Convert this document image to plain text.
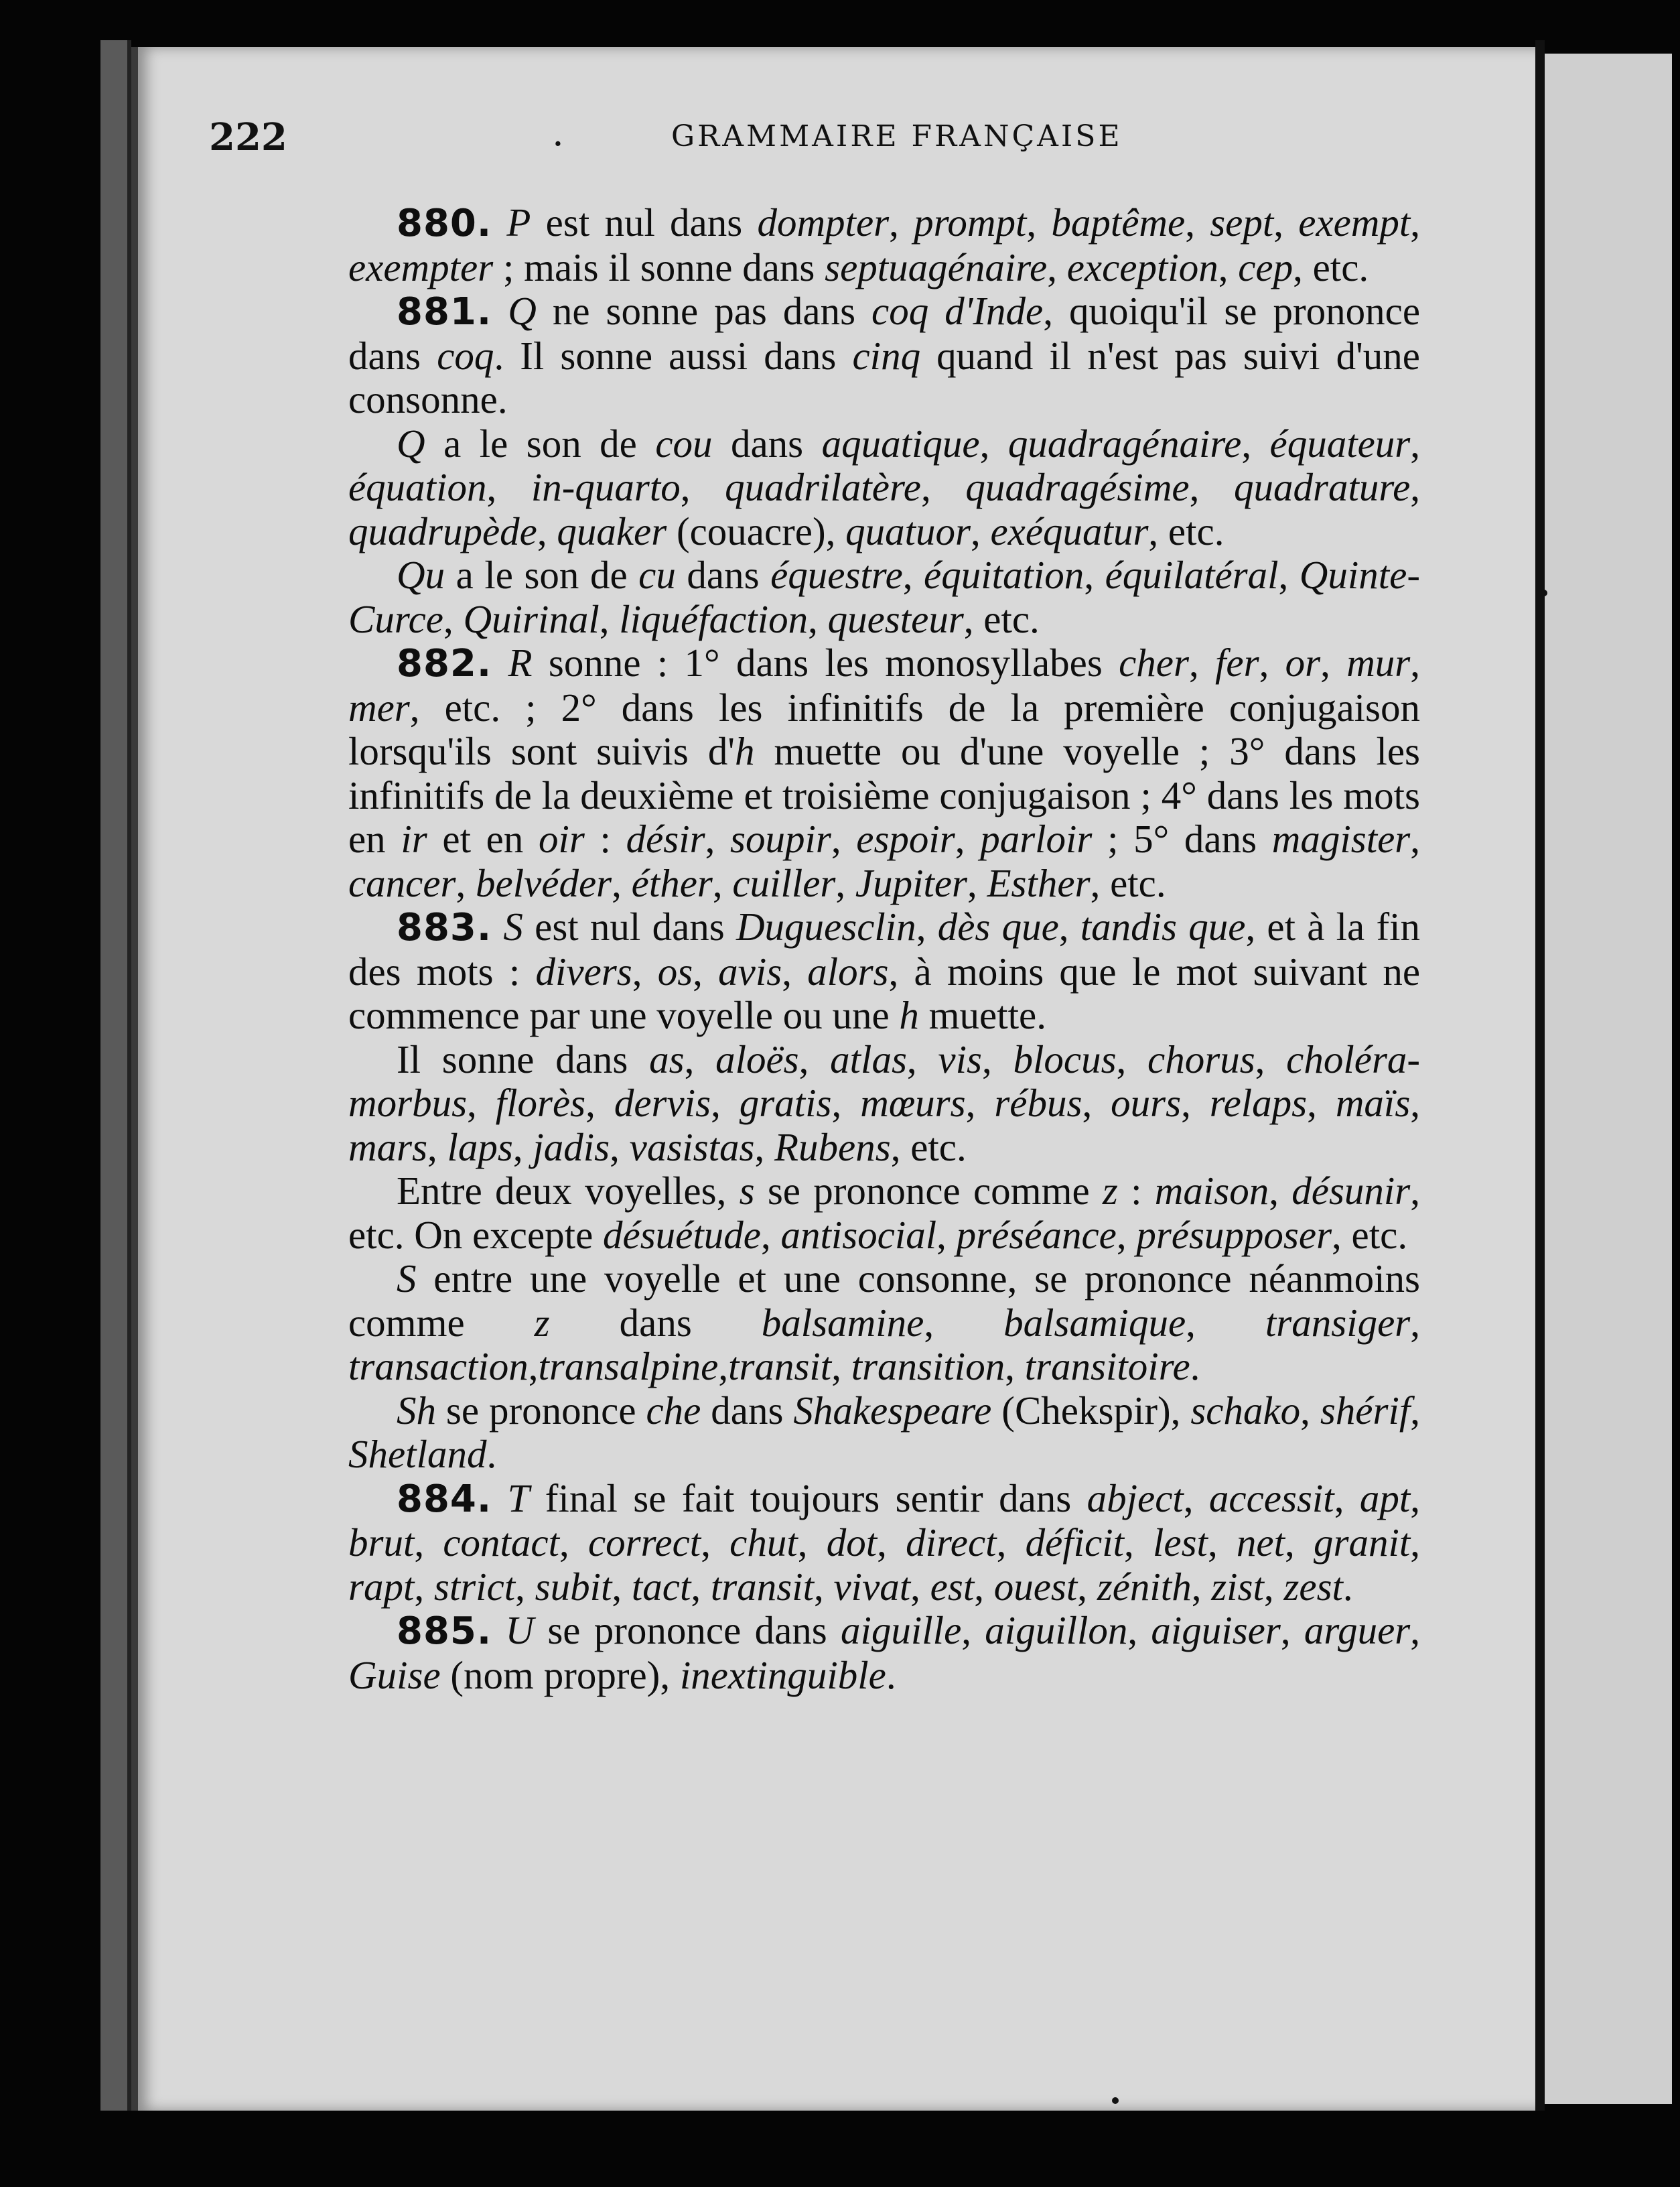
222	.	GRAMMAIRE FRANÇAISE

880. P est nul dans dompter, prompt, baptême, sept, exempt, exempter ; mais il sonne dans septuagénaire, exception, cep, etc.

881. Q ne sonne pas dans coq d'Inde, quoiqu'il se prononce dans coq. Il sonne aussi dans cinq quand il n'est pas suivi d'une consonne.

Q a le son de cou dans aquatique, quadragénaire, équateur, équation, in-quarto, quadrilatère, quadragésime, quadrature, quadrupède, quaker (couacre), quatuor, exéquatur, etc.

Qu a le son de cu dans équestre, équitation, équilatéral, Quinte-Curce, Quirinal, liquéfaction, questeur, etc.

882. R sonne : 1° dans les monosyllabes cher, fer, or, mur, mer, etc. ; 2° dans les infinitifs de la première conjugaison lorsqu'ils sont suivis d'h muette ou d'une voyelle ; 3° dans les infinitifs de la deuxième et troisième conjugaison ; 4° dans les mots en ir et en oir : désir, soupir, espoir, parloir ; 5° dans magister, cancer, belvéder, éther, cuiller, Jupiter, Esther, etc.

883. S est nul dans Duguesclin, dès que, tandis que, et à la fin des mots : divers, os, avis, alors, à moins que le mot suivant ne commence par une voyelle ou une h muette.

Il sonne dans as, aloës, atlas, vis, blocus, chorus, choléra-morbus, florès, dervis, gratis, mœurs, rébus, ours, relaps, maïs, mars, laps, jadis, vasistas, Rubens, etc.

Entre deux voyelles, s se prononce comme z : maison, désunir, etc. On excepte désuétude, antisocial, préséance, présupposer, etc.

S entre une voyelle et une consonne, se prononce néanmoins comme z dans balsamine, balsamique, transiger, transaction,transalpine,transit, transition, transitoire.

Sh se prononce che dans Shakespeare (Chekspir), schako, shérif, Shetland.

884. T final se fait toujours sentir dans abject, accessit, apt, brut, contact, correct, chut, dot, direct, déficit, lest, net, granit, rapt, strict, subit, tact, transit, vivat, est, ouest, zénith, zist, zest.

885. U se prononce dans aiguille, aiguillon, aiguiser, arguer, Guise (nom propre), inextinguible.
